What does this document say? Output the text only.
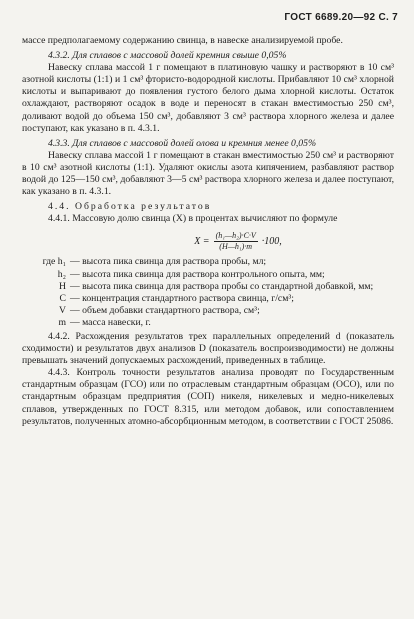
ГОСТ 6689.20—92 С. 7

массе предполагаемому содержанию свинца, в навеске анализируемой пробе.

4.3.2. Для сплавов с массовой долей кремния свыше 0,05%

Навеску сплава массой 1 г помещают в платиновую чашку и растворяют в 10 см³ азотной кислоты (1:1) и 1 см³ фтористо-водородной кислоты. Прибавляют 10 см³ хлорной кислоты и выпаривают до появления густого белого дыма хлорной кислоты. Остаток охлаждают, растворяют осадок в воде и переносят в стакан вместимостью 250 см³, доливают водой до объема 150 см³, добавляют 3 см³ раствора хлорного железа и далее поступают, как указано в п. 4.3.1.

4.3.3. Для сплавов с массовой долей олова и кремния менее 0,05%

Навеску сплава массой 1 г помещают в стакан вместимостью 250 см³ и растворяют в 10 см³ азотной кислоты (1:1). Удаляют окислы азота кипячением, разбавляют раствор водой до 125—150 см³, добавляют 3—5 см³ раствора хлорного железа и далее поступают, как указано в п. 4.3.1.

4.4. Обработка результатов

4.4.1. Массовую долю свинца (X) в процентах вычисляют по формуле

$X = \frac{\text{(h₁—h₂)·C·V}}{\text{(H—h₁)·m}} \cdot 100$,
где h₁ — высота пика свинца для раствора пробы, мл;
h₂ — высота пика свинца для раствора контрольного опыта, мм;
H — высота пика свинца для раствора пробы со стандартной добавкой, мм;
C — концентрация стандартного раствора свинца, г/см³;
V — объем добавки стандартного раствора, см³;
m — масса навески, г.

4.4.2. Расхождения результатов трех параллельных определений d (показатель сходимости) и результатов двух анализов D (показатель воспроизводимости) не должны превышать значений допускаемых расхождений, приведенных в таблице.

4.4.3. Контроль точности результатов анализа проводят по Государственным стандартным образцам (ГСО) или по отраслевым стандартным образцам (ОСО), или по стандартным образцам предприятия (СОП) никеля, никелевых и медно-никелевых сплавов, утвержденных по ГОСТ 8.315, или методом добавок, или сопоставлением результатов, полученных атомно-абсорбционным методом, в соответствии с ГОСТ 25086.
